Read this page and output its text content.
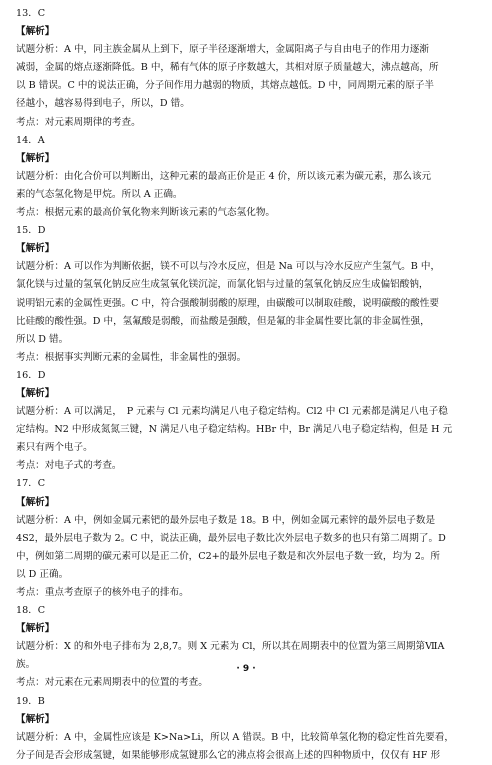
13．C
【解析】
试题分析：A 中，同主族金属从上到下，原子半径逐渐增大，金属阳离子与自由电子的作用力逐渐
减弱，金属的熔点逐渐降低。B 中，稀有气体的原子序数越大，其相对原子质量越大，沸点越高，所
以 B 错误。C 中的说法正确，分子间作用力越弱的物质，其熔点越低。D 中，同周期元素的原子半
径越小，越容易得到电子，所以，D 错。
考点：对元素周期律的考查。
14．A
【解析】
试题分析：由化合价可以判断出，这种元素的最高正价是正 4 价，所以该元素为碳元素，那么该元
素的气态氢化物是甲烷。所以 A 正确。
考点：根据元素的最高价氧化物来判断该元素的气态氢化物。
15．D
【解析】
试题分析：A 可以作为判断依据，镁不可以与冷水反应，但是 Na 可以与冷水反应产生氢气。B 中，
氯化镁与过量的氢氧化钠反应生成氢氧化镁沉淀，而氯化铝与过量的氢氧化钠反应生成偏铝酸钠，
说明铝元素的金属性更强。C 中，符合强酸制弱酸的原理，由碳酸可以制取硅酸，说明碳酸的酸性要
比硅酸的酸性强。D 中，氢氟酸是弱酸，而盐酸是强酸，但是氟的非金属性要比氯的非金属性强，
所以 D 错。
考点：根据事实判断元素的金属性，非金属性的强弱。
16．D
【解析】
试题分析：A 可以满足，　P 元素与 Cl 元素均满足八电子稳定结构。Cl2 中 Cl 元素都是满足八电子稳
定结构。N2 中形成氮氮三键，N 满足八电子稳定结构。HBr 中，Br 满足八电子稳定结构，但是 H 元
素只有两个电子。
考点：对电子式的考查。
17．C
【解析】
试题分析：A 中，例如金属元素钯的最外层电子数是 18。B 中，例如金属元素锌的最外层电子数是
4S2，最外层电子数为 2。C 中，说法正确，最外层电子数比次外层电子数多的也只有第二周期了。D
中，例如第二周期的碳元素可以是正二价，C2+的最外层电子数是和次外层电子数一致，均为 2。所
以 D 正确。
考点：重点考查原子的核外电子的排布。
18．C
【解析】
试题分析：X 的和外电子排布为 2,8,7。则 X 元素为 Cl，所以其在周期表中的位置为第三周期第ⅦA
族。
考点：对元素在元素周期表中的位置的考查。
19．B
【解析】
试题分析：A 中，金属性应该是 K>Na>Li，所以 A 错误。B 中，比较简单氢化物的稳定性首先要看，
分子间是否会形成氢键，如果能够形成氢键那么它的沸点将会很高上述的四种物质中，仅仅有 HF 形
· 9 ·
